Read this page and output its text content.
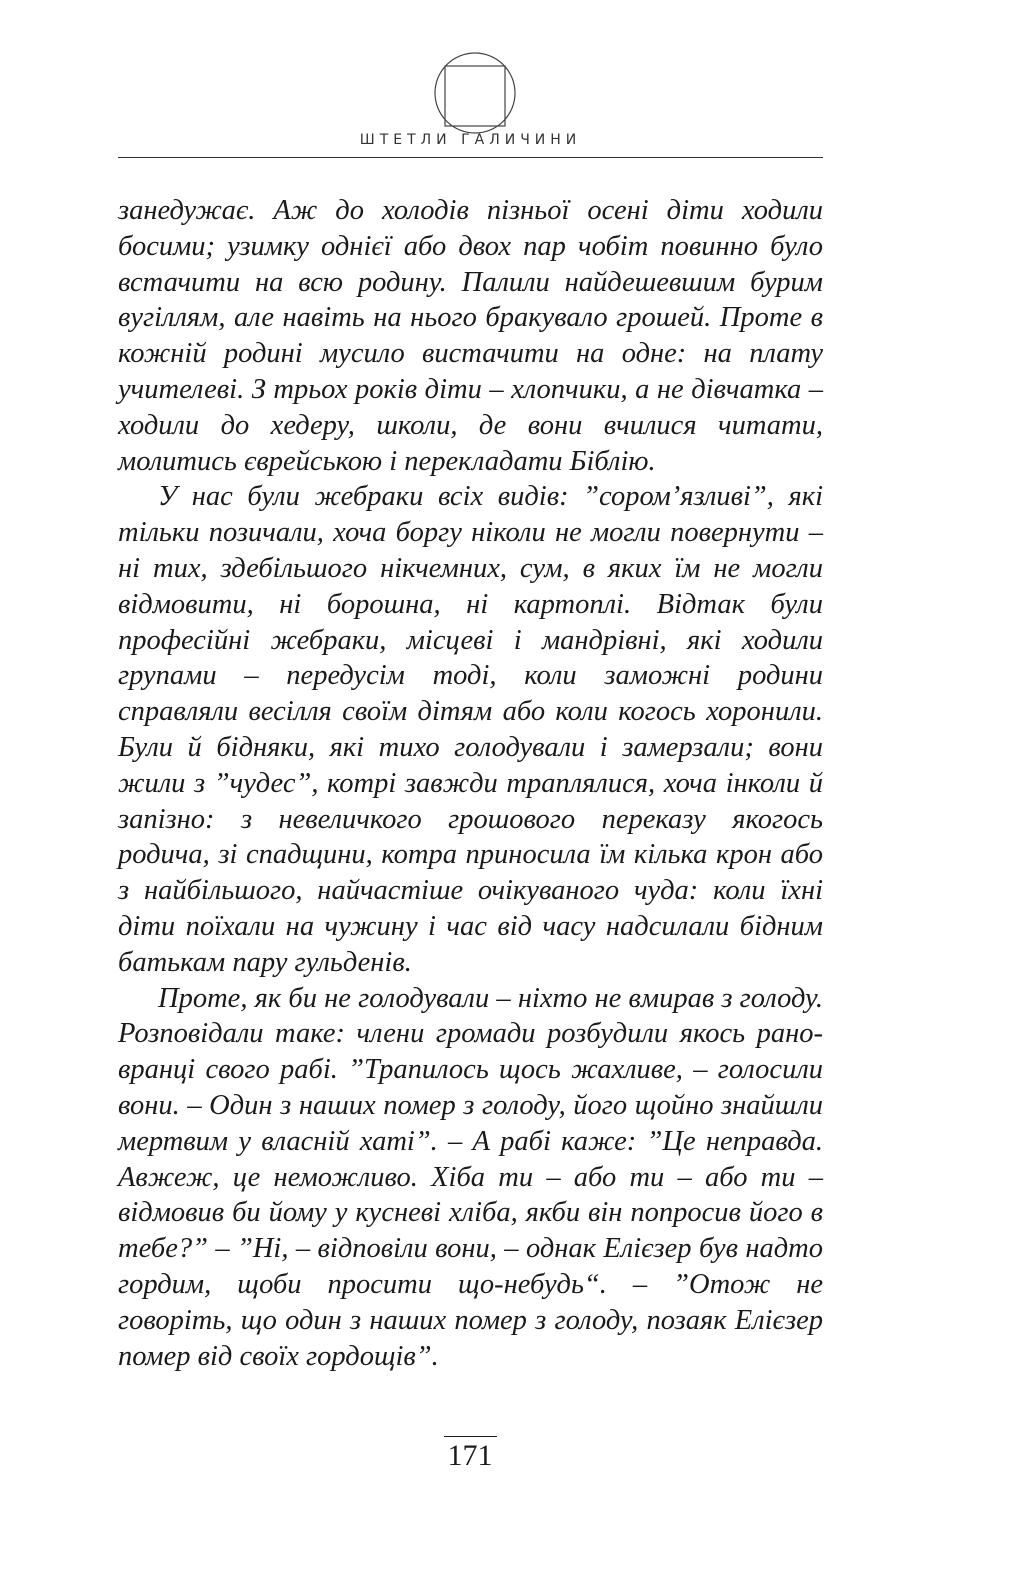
ШТЕТЛИ ГАЛИЧИНИ

занедужає. Аж до холодів пізньої осені діти ходили босими; узимку однієї або двох пар чобіт повинно було встачити на всю родину. Палили найдешевшим бурим вугіллям, але навіть на нього бракувало грошей. Проте в кожній родині мусило вистачити на одне: на плату учителеві. З трьох років діти – хлопчики, а не дівчатка – ходили до хедеру, школи, де вони вчилися читати, молитись єврейською і перекладати Біблію.

У нас були жебраки всіх видів: ”сором’язливі”, які тільки позичали, хоча боргу ніколи не могли повернути – ні тих, здебільшого нікчемних, сум, в яких їм не могли відмовити, ні борошна, ні картоплі. Відтак були професійні жебраки, місцеві і мандрівні, які ходили групами – передусім тоді, коли заможні родини справляли весілля своїм дітям або коли когось хоронили. Були й бідняки, які тихо голодували і замерзали; вони жили з ”чудес”, котрі завжди траплялися, хоча інколи й запізно: з невеличкого грошового переказу якогось родича, зі спадщини, котра приносила їм кілька крон або з найбільшого, найчастіше очікуваного чуда: коли їхні діти поїхали на чужину і час від часу надсилали бідним батькам пару гульденів.

Проте, як би не голодували – ніхто не вмирав з голоду. Розповідали таке: члени громади розбудили якось рано-вранці свого рабі. ”Трапилось щось жахливе, – голосили вони. – Один з наших помер з голоду, його щойно знайшли мертвим у власній хаті”. – А рабі каже: ”Це неправда. Авжеж, це неможливо. Хіба ти – або ти – або ти – відмовив би йому у кусневі хліба, якби він попросив його в тебе?” – ”Ні, – відповіли вони, – однак Елієзер був надто гордим, щоби просити що-небудь“. – ”Отож не говоріть, що один з наших помер з голоду, позаяк Елієзер помер від своїх гордощів”.

171
